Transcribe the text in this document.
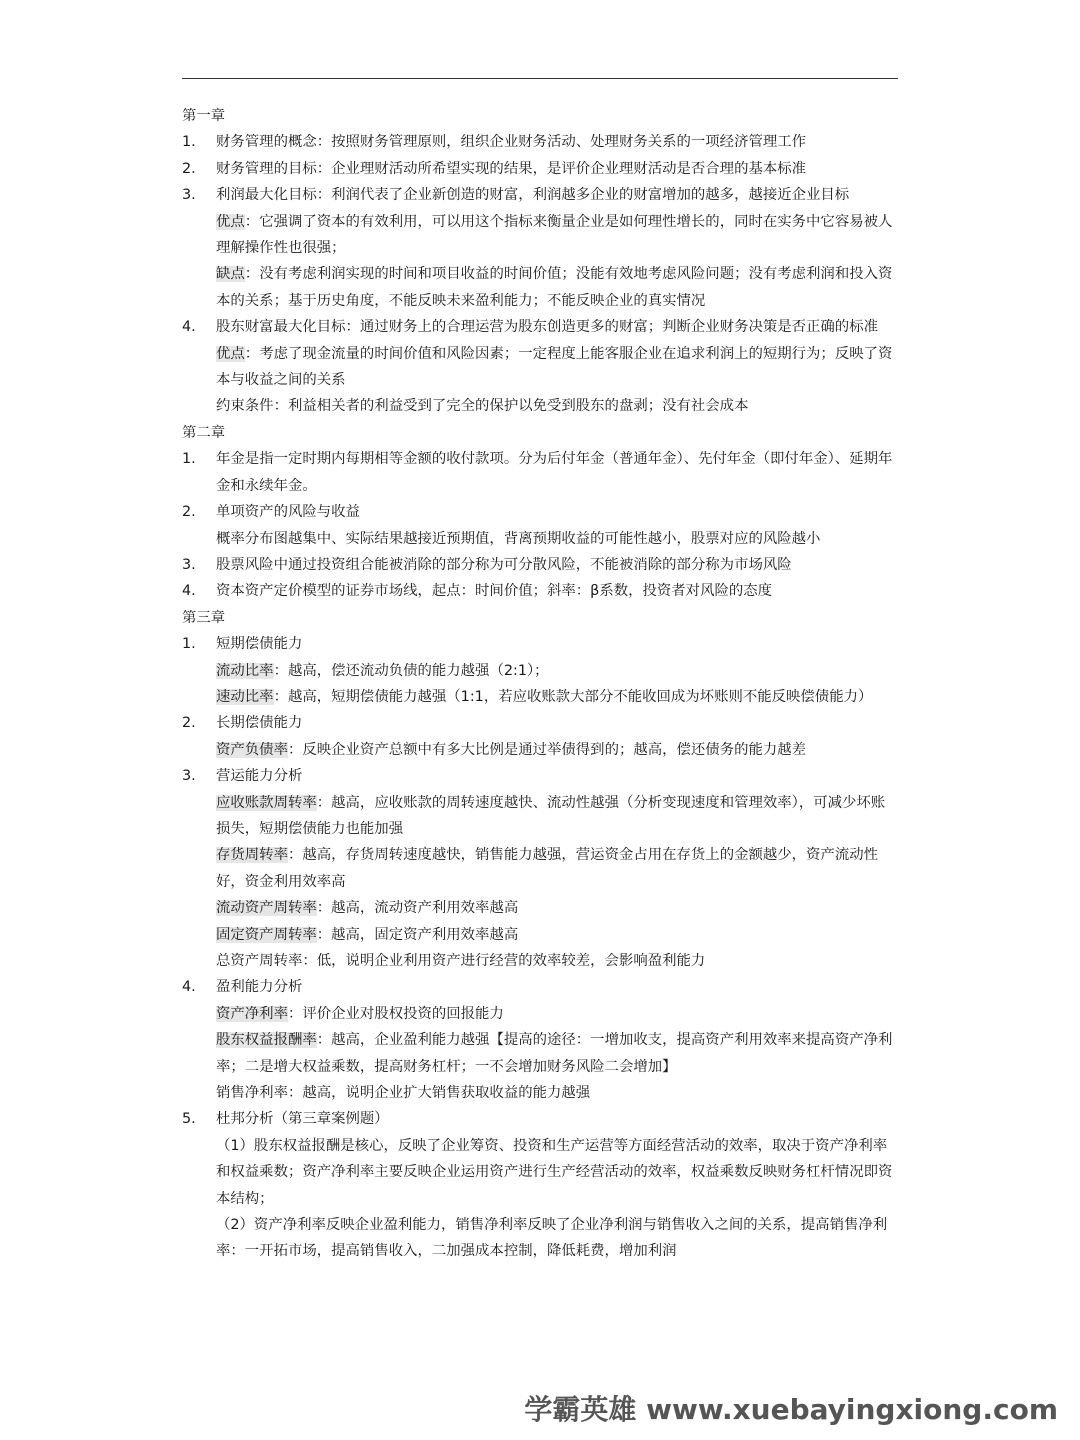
第一章
1. 财务管理的概念：按照财务管理原则，组织企业财务活动、处理财务关系的一项经济管理工作
2. 财务管理的目标：企业理财活动所希望实现的结果，是评价企业理财活动是否合理的基本标准
3. 利润最大化目标：利润代表了企业新创造的财富，利润越多企业的财富增加的越多，越接近企业目标
优点：它强调了资本的有效利用，可以用这个指标来衡量企业是如何理性增长的，同时在实务中它容易被人理解操作性也很强；
缺点：没有考虑利润实现的时间和项目收益的时间价值；没能有效地考虑风险问题；没有考虑利润和投入资本的关系；基于历史角度，不能反映未来盈利能力；不能反映企业的真实情况
4. 股东财富最大化目标：通过财务上的合理运营为股东创造更多的财富；判断企业财务决策是否正确的标准
优点：考虑了现金流量的时间价值和风险因素；一定程度上能客服企业在追求利润上的短期行为；反映了资本与收益之间的关系
约束条件：利益相关者的利益受到了完全的保护以免受到股东的盘剥；没有社会成本
第二章
1. 年金是指一定时期内每期相等金额的收付款项。分为后付年金（普通年金）、先付年金（即付年金）、延期年金和永续年金。
2. 单项资产的风险与收益
概率分布图越集中、实际结果越接近预期值，背离预期收益的可能性越小，股票对应的风险越小
3. 股票风险中通过投资组合能被消除的部分称为可分散风险，不能被消除的部分称为市场风险
4. 资本资产定价模型的证券市场线，起点：时间价值；斜率：β系数，投资者对风险的态度
第三章
1. 短期偿债能力
流动比率：越高，偿还流动负债的能力越强（2:1）；
速动比率：越高，短期偿债能力越强（1:1，若应收账款大部分不能收回成为坏账则不能反映偿债能力）
2. 长期偿债能力
资产负债率：反映企业资产总额中有多大比例是通过举债得到的；越高，偿还债务的能力越差
3. 营运能力分析
应收账款周转率：越高，应收账款的周转速度越快、流动性越强（分析变现速度和管理效率），可减少坏账损失，短期偿债能力也能加强
存货周转率：越高，存货周转速度越快，销售能力越强，营运资金占用在存货上的金额越少，资产流动性好，资金利用效率高
流动资产周转率：越高，流动资产利用效率越高
固定资产周转率：越高，固定资产利用效率越高
总资产周转率：低，说明企业利用资产进行经营的效率较差，会影响盈利能力
4. 盈利能力分析
资产净利率：评价企业对股权投资的回报能力
股东权益报酬率：越高，企业盈利能力越强【提高的途径：一增加收支，提高资产利用效率来提高资产净利率；二是增大权益乘数，提高财务杠杆；一不会增加财务风险二会增加】
销售净利率：越高，说明企业扩大销售获取收益的能力越强
5. 杜邦分析（第三章案例题）
（1）股东权益报酬是核心，反映了企业筹资、投资和生产运营等方面经营活动的效率，取决于资产净利率和权益乘数；资产净利率主要反映企业运用资产进行生产经营活动的效率，权益乘数反映财务杠杆情况即资本结构；
（2）资产净利率反映企业盈利能力，销售净利率反映了企业净利润与销售收入之间的关系，提高销售净利率：一开拓市场，提高销售收入，二加强成本控制，降低耗费，增加利润
学霸英雄 www.xuebayingxiong.com
